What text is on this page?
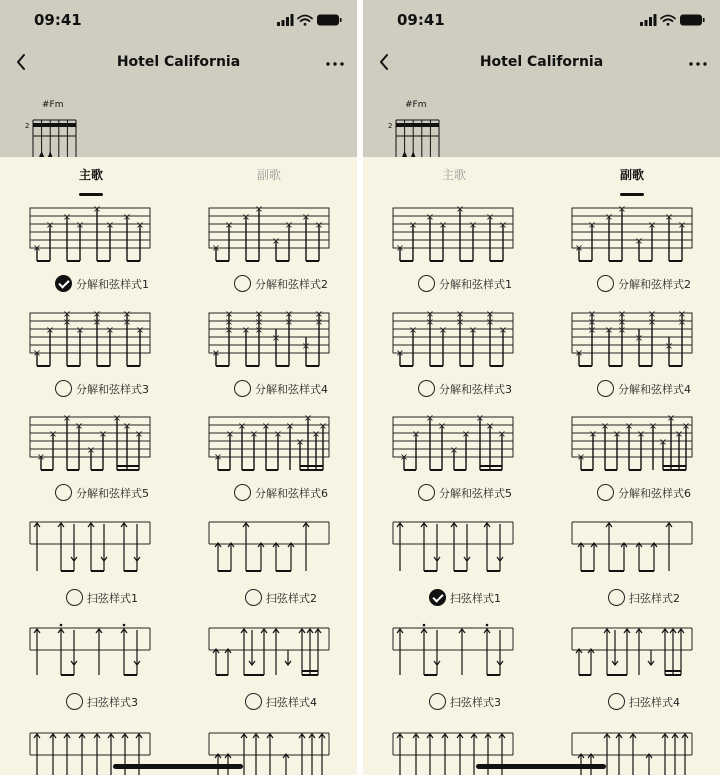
09:41
Hotel California
#Fm
2
主歌	副歌
×
×
×
×
×
×
×
×
分解和弦样式1
×
×
×
×
×
×
×
×
分解和弦样式2
×
×
×
×
×
×
×
×
×
×
×
分解和弦样式3
×
×
×
× ×
×
×
×
×
×
×
×
×
×
分解和弦样式4
×
×
×
×
×
×
×
×
×
分解和弦样式5
×
×
×
×
×
×
×
×
×
×
×
分解和弦样式6
扫弦样式1	扫弦样式2
扫弦样式3	扫弦样式4
09:41
Hotel California
#Fm
2
主歌	副歌
×
×
×
×
×
×
×
×
分解和弦样式1
×
×
×
×
×
×
×
×
分解和弦样式2
×
×
×
×
×
×
×
×
×
×
×
分解和弦样式3
×
×
×
× ×
×
×
×
×
×
×
×
×
×
分解和弦样式4
×
×
×
×
×
×
×
×
×
分解和弦样式5
×
×
×
×
×
×
×
×
×
×
×
分解和弦样式6
扫弦样式1	扫弦样式2
扫弦样式3	扫弦样式4
